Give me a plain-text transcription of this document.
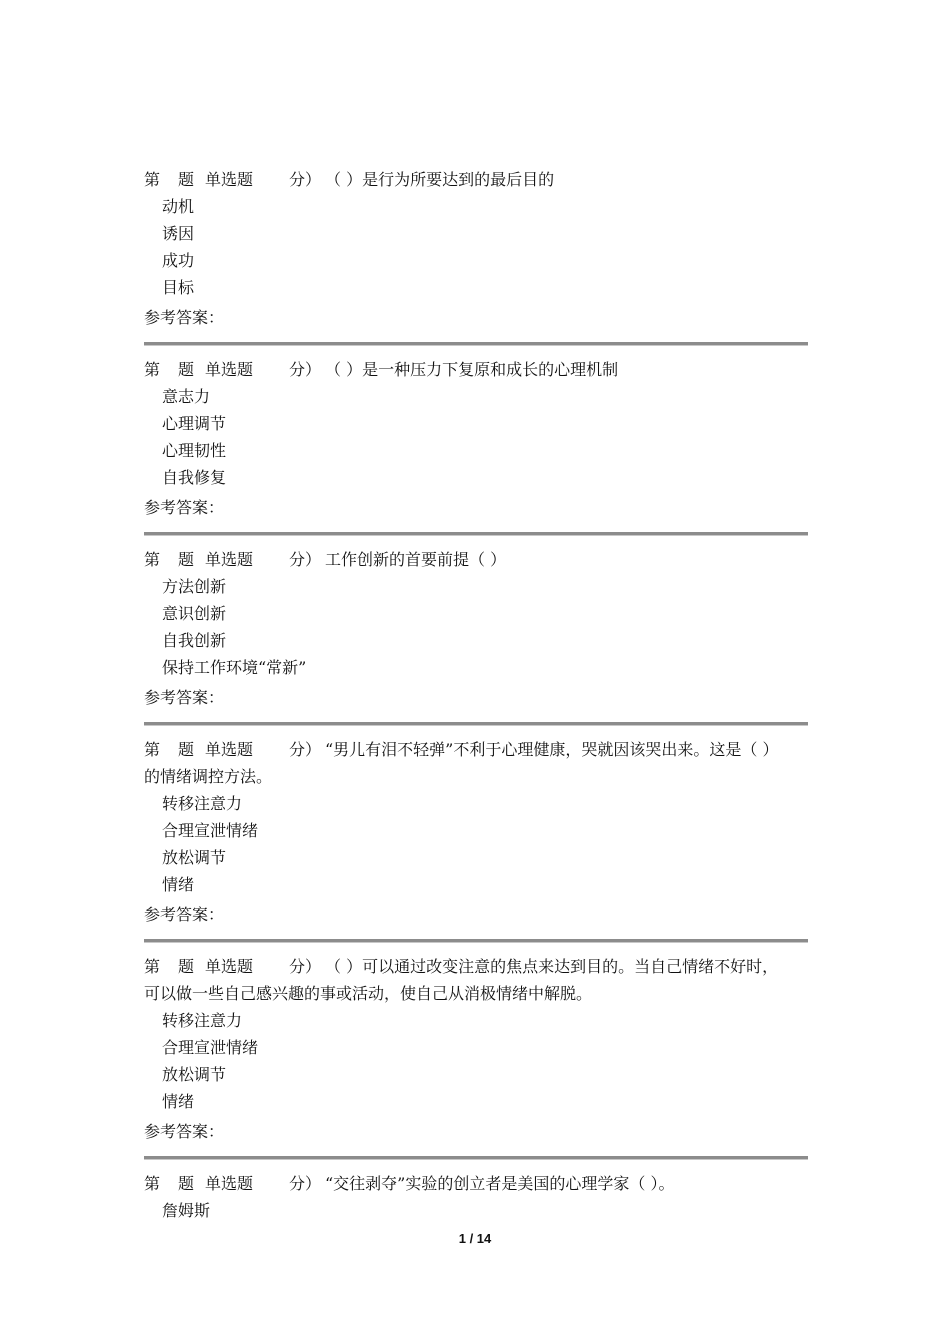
第 题 单选题 分） （ ）是行为所要达到的最后目的

动机

诱因

成功

目标

参考答案：

第 题 单选题 分） （ ）是一种压力下复原和成长的心理机制

意志力

心理调节

心理韧性

自我修复

参考答案：

第 题 单选题 分） 工作创新的首要前提（ ）

方法创新

意识创新

自我创新

保持工作环境“常新”

参考答案：

第 题 单选题 分） “男儿有泪不轻弹”不利于心理健康，哭就因该哭出来。这是（ ）

的情绪调控方法。

转移注意力

合理宣泄情绪

放松调节

情绪

参考答案：

第 题 单选题 分） （ ）可以通过改变注意的焦点来达到目的。当自己情绪不好时，

可以做一些自己感兴趣的事或活动，使自己从消极情绪中解脱。

转移注意力

合理宣泄情绪

放松调节

情绪

参考答案：

第 题 单选题 分） “交往剥夺”实验的创立者是美国的心理学家（ ）。

詹姆斯

1 / 14
